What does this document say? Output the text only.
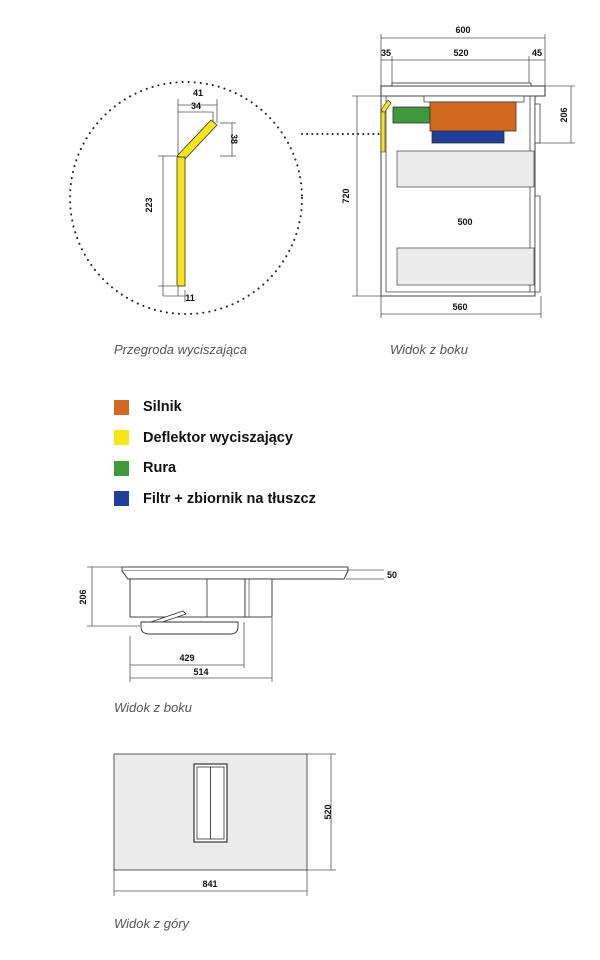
41
34
38
223
11
600
35	520	45
206
720
500
560
50
206
429
514
520
841
Przegroda wyciszająca	Widok z boku
Widok z boku
Widok z góry
Silnik
Deflektor wyciszający
Rura
Filtr + zbiornik na tłuszcz
